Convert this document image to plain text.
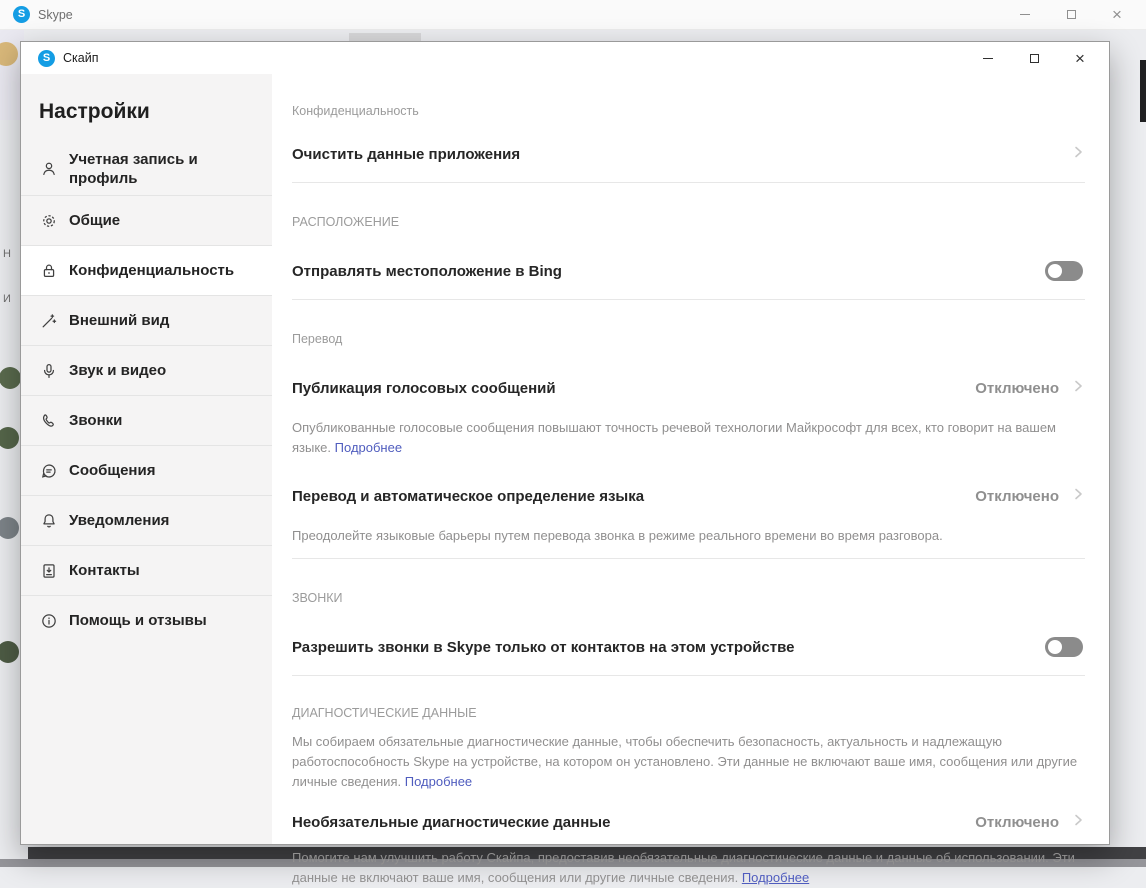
S	Skype	×
Н
И
S	Скайп	×
Настройки
Учетная запись и профиль
Общие
Конфиденциальность
Внешний вид
Звук и видео
Звонки
Сообщения
Уведомления
Контакты
Помощь и отзывы
Конфиденциальность
Очистить данные приложения
РАСПОЛОЖЕНИЕ
Отправлять местоположение в Bing
Перевод
Публикация голосовых сообщений	Отключено
Опубликованные голосовые сообщения повышают точность речевой технологии Майкрософт для всех, кто говорит на вашем языке. Подробнее
Перевод и автоматическое определение языка	Отключено
Преодолейте языковые барьеры путем перевода звонка в режиме реального времени во время разговора.
ЗВОНКИ
Разрешить звонки в Skype только от контактов на этом устройстве
ДИАГНОСТИЧЕСКИЕ ДАННЫЕ
Мы собираем обязательные диагностические данные, чтобы обеспечить безопасность, актуальность и надлежащую работоспособность Skype на устройстве, на котором он установлено. Эти данные не включают ваше имя, сообщения или другие личные сведения. Подробнее
Необязательные диагностические данные	Отключено
Помогите нам улучшить работу Скайпа, предоставив необязательные диагностические данные и данные об использовании. Эти данные не включают ваше имя, сообщения или другие личные сведения. Подробнее
